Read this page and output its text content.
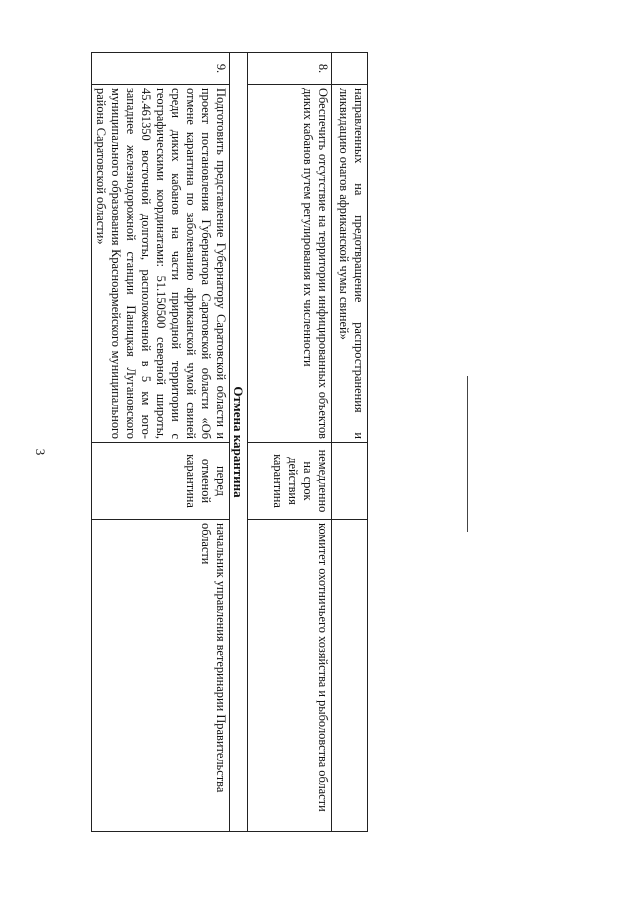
3
	направленных на предотвращение распространения и ликвидацию очагов африканской чумы свиней»		
8.	Обеспечить отсутствие на территории инфицированных объектов диких кабанов путем регулирования их численности	немедленно на срок действия карантина	комитет охотничьего хозяйства и рыболовства области
Отмена карантина			
9.	Подготовить представление Губернатору Саратовской области и проект постановления Губернатора Саратовской области «Об отмене карантина по заболеванию африканской чумой свиней среди диких кабанов на части природной территории с географическими координатами: 51.150500 северной широты, 45.461350 восточной долготы, расположенной в 5 км юго-западнее железнодорожной станции Паницкая Лугановского муниципального образования Красноармейского муниципального района Саратовской области»	перед отменой карантина	начальник управления ветеринарии Правительства области
